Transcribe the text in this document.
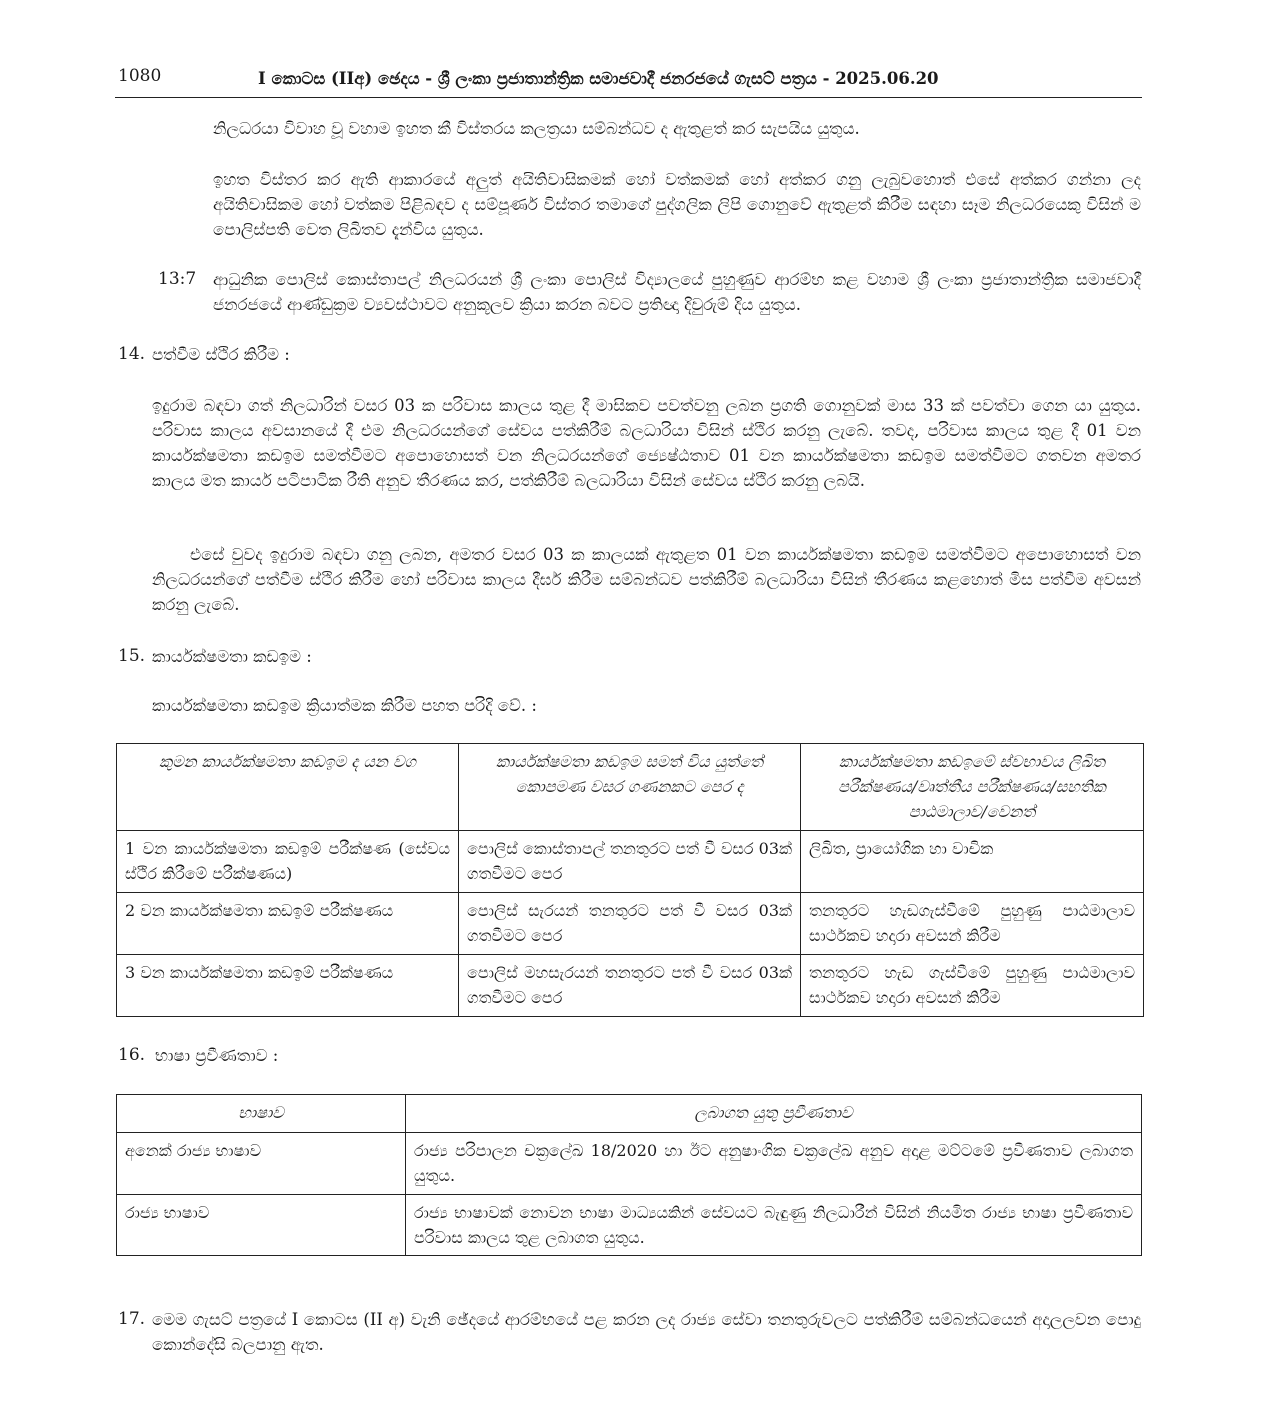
1080	I කොටස (IIඅ) ඡෙදය - ශ්‍රී ලංකා ප්‍රජාතාන්ත්‍රික සමාජවාදී ජනරජයේ ගැසට් පත්‍රය - 2025.06.20
නිලධරයා විවාහ වූ වහාම ඉහත කී විස්තරය කලත්‍රයා සම්බන්ධව ද ඇතුළත් කර සැපයිය යුතුය.
ඉහත විස්තර කර ඇති ආකාරයේ අලුත් අයිතිවාසිකමක් හෝ වත්කමක් හෝ අත්කර ගනු ලැබුවහොත් එසේ අත්කර ගන්නා ලද අයිතිවාසිකම හෝ වත්කම පිළිබඳව ද සම්පූර්ණ විස්තර තමාගේ පුද්ගලික ලිපි ගොනුවේ ඇතුළත් කිරීම සඳහා සෑම නිලධරයෙකු විසින් ම පොලිස්පති වෙත ලිඛිතව දැන්විය යුතුය.
13:7 ආධුනික පොලිස් කොස්තාපල් නිලධරයන් ශ්‍රී ලංකා පොලිස් විද්‍යාලයේ පුහුණුව ආරම්භ කළ වහාම ශ්‍රී ලංකා ප්‍රජාතාන්ත්‍රික සමාජවාදී ජනරජයේ ආණ්ඩුක්‍රම ව්‍යවස්ථාවට අනුකූලව ක්‍රියා කරන බවට ප්‍රතිඥා දිවුරුම් දිය යුතුය.
14. පත්වීම ස්ථිර කිරීම :
ඉදුරාම බඳවා ගත් නිලධාරින් වසර 03 ක පරිවාස කාලය තුළ දී මාසිකව පවත්වනු ලබන ප්‍රගති ගොනුවක් මාස 33 ක් පවත්වා ගෙන යා යුතුය. පරිවාස කාලය අවසානයේ දී එම නිලධරයන්ගේ සේවය පත්කිරීම් බලධාරියා විසින් ස්ථිර කරනු ලැබේ. තවද, පරිවාස කාලය තුළ දී 01 වන කාර්යක්ෂමතා කඩඉම සමත්වීමට අපොහොසත් වන නිලධරයන්ගේ ජ්‍යෙෂ්ඨතාව 01 වන කාර්යක්ෂමතා කඩඉම සමත්වීමට ගතවන අමතර කාලය මත කාර්ය පටිපාටික රීති අනුව තීරණය කර, පත්කිරීම් බලධාරියා විසින් සේවය ස්ථිර කරනු ලබයි.
එසේ වුවද ඉදුරාම බඳවා ගනු ලබන, අමතර වසර 03 ක කාලයක් ඇතුළත 01 වන කාර්යක්ෂමතා කඩඉම සමත්වීමට අපොහොසත් වන නිලධරයන්ගේ පත්වීම ස්ථිර කිරීම හෝ පරිවාස කාලය දීර්ඝ කිරීම සම්බන්ධව පත්කිරීම් බලධාරියා විසින් තීරණය කළහොත් මිස පත්වීම අවසන් කරනු ලැබේ.
15. කාර්යක්ෂමතා කඩඉම :
කාර්යක්ෂමතා කඩඉම ක්‍රියාත්මක කිරීම පහත පරිදි වේ. :
කුමන කාර්යක්ෂමතා කඩඉම ද යන වග	කාර්යක්ෂමතා කඩඉම සමත් විය යුත්තේ කොපමණ වසර ගණනකට පෙර ද	කාර්යක්ෂමතා කඩඉමේ ස්වභාවය ලිඛිත පරීක්ෂණය/වෘත්තීය පරීක්ෂණය/සහතික පාඨමාලාව/වෙනත්
1 වන කාර්යක්ෂමතා කඩඉම් පරීක්ෂණ (සේවය ස්ථිර කිරීමේ පරීක්ෂණය)	පොලිස් කොස්තාපල් තනතුරට පත් වී වසර 03ක් ගතවීමට පෙර	ලිඛිත, ප්‍රායෝගික හා වාචික
2 වන කාර්යක්ෂමතා කඩඉම් පරීක්ෂණය	පොලිස් සැරයන් තනතුරට පත් වී වසර 03ක් ගතවීමට පෙර	තනතුරට හැඩගැස්වීමේ පුහුණු පාඨමාලාව සාර්ථකව හදාරා අවසන් කිරීම
3 වන කාර්යක්ෂමතා කඩඉම් පරීක්ෂණය	පොලිස් මහසැරයන් තනතුරට පත් වී වසර 03ක් ගතවීමට පෙර	තනතුරට හැඩ ගැස්වීමේ පුහුණු පාඨමාලාව සාර්ථකව හදාරා අවසන් කිරීම
16. භාෂා ප්‍රවීණතාව :
භාෂාව	ලබාගත යුතු ප්‍රවීණතාව
අනෙක් රාජ්‍ය භාෂාව	රාජ්‍ය පරිපාලන චක්‍රලේඛ 18/2020 හා ඊට අනුෂාංගික චක්‍රලේඛ අනුව අදාළ මට්ටමේ ප්‍රවීණතාව ලබාගත යුතුය.
රාජ්‍ය භාෂාව	රාජ්‍ය භාෂාවක් නොවන භාෂා මාධ්‍යයකින් සේවයට බැඳුණු නිලධාරීන් විසින් නියමිත රාජ්‍ය භාෂා ප්‍රවීණතාව පරිවාස කාලය තුළ ලබාගත යුතුය.
17. මෙම ගැසට් පත්‍රයේ I කොටස (II අ) වැනි ඡේදයේ ආරම්භයේ පළ කරන ලද රාජ්‍ය සේවා තනතුරුවලට පත්කිරීම් සම්බන්ධයෙන් අදාලලවන පොදු කොන්දේසි බලපානු ඇත.
